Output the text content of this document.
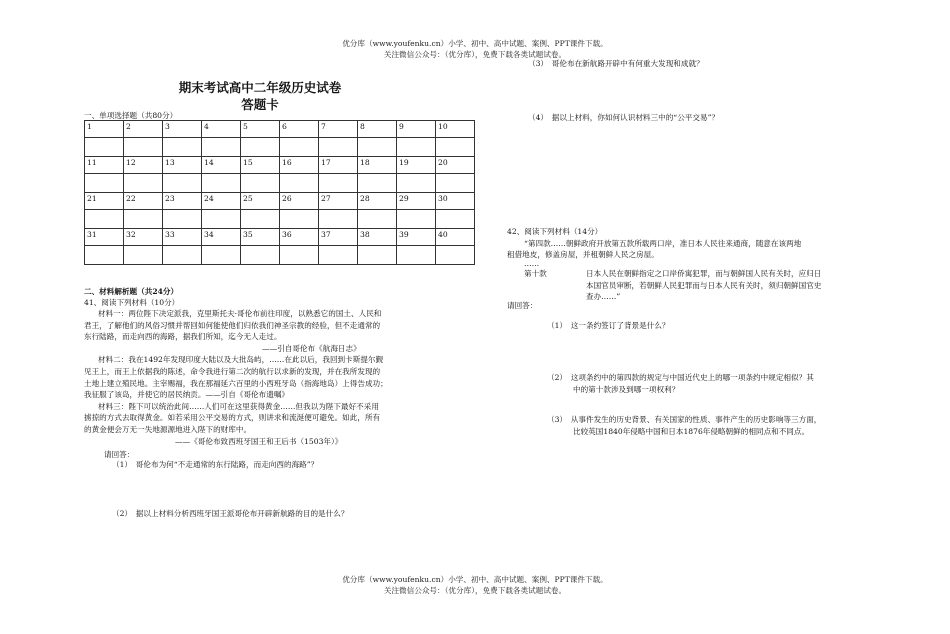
优分库（www.youfenku.cn）小学、初中、高中试题、案例、PPT课件下载。
关注微信公众号：（优分库），免费下载各类试题试卷。
期末考试高中二年级历史试卷
答题卡
一、单项选择题（共80分）
1	2	3	4	5	6	7	8	9	10

11	12	13	14	15	16	17	18	19	20

21	22	23	24	25	26	27	28	29	30

31	32	33	34	35	36	37	38	39	40

二、材料解析题（共24分）
41、阅读下列材料（10分）
材料一：两位陛下决定派我，克里斯托夫·哥伦布前往印度，以熟悉它的国土、人民和
君王，了解他们的风俗习惯并帮回如何能使他们归依我们神圣宗教的经验，但不走通常的
东行陆路，而走向西的海路，据我们所知，迄今无人走过。
——引自哥伦布《航海日志》
材料二：我在1492年发现印度大陆以及大批岛屿，……在此以后，我回到卡斯提尔觐
见王上，而王上依据我的陈述，命令我进行第二次的航行以求新的发现，并在我所发现的
土地上建立殖民地。主宰赐福，我在那福延六百里的小西班牙岛（指海地岛）上得告成功；
我征服了该岛，并使它的居民纳贡。——引自《哥伦布遗嘱》
材料三：陛下可以统治此间……人们可在这里获得黄金……但我以为陛下最好不采用
掳掠的方式去取得黄金。如若采用公平交易的方式，则讲求和流涎便可避免。如此，所有
的黄金便会万无一失地源源地进入陛下的财库中。
——《哥伦布致西班牙国王和王后书（1503年）》
请回答：
（1）　哥伦布为何“不走通常的东行陆路，而走向西的海路”？
（2）　据以上材料分析西班牙国王派哥伦布开辟新航路的目的是什么？
（3）　哥伦布在新航路开辟中有何重大发现和成就？
（4）　据以上材料，你如何认识材料三中的“公平交易”？
42、阅读下列材料（14分）
“第四款……朝鲜政府开放第五款所载两口岸，准日本人民往来通商，随意在该两地
租借地皮，修盖房屋，并租朝鲜人民之房屋。
……
第十款	日本人民在朝鲜指定之口岸侨寓犯罪，而与朝鲜国人民有关时，应归日
本国官员审断，若朝鲜人民犯罪而与日本人民有关时，须归朝鲜国官史
查办……”
请回答：
（1）　这一条约签订了背景是什么？
（2）　这项条约中的第四款的规定与中国近代史上的哪一项条约中规定相似？其
中的第十款涉及到哪一项权利？
（3）　从事件发生的历史背景、有关国家的性质、事件产生的历史影响等三方面，
比较英国1840年侵略中国和日本1876年侵略朝鲜的相同点和不同点。
优分库（www.youfenku.cn）小学、初中、高中试题、案例、PPT课件下载。
关注微信公众号：（优分库），免费下载各类试题试卷。
